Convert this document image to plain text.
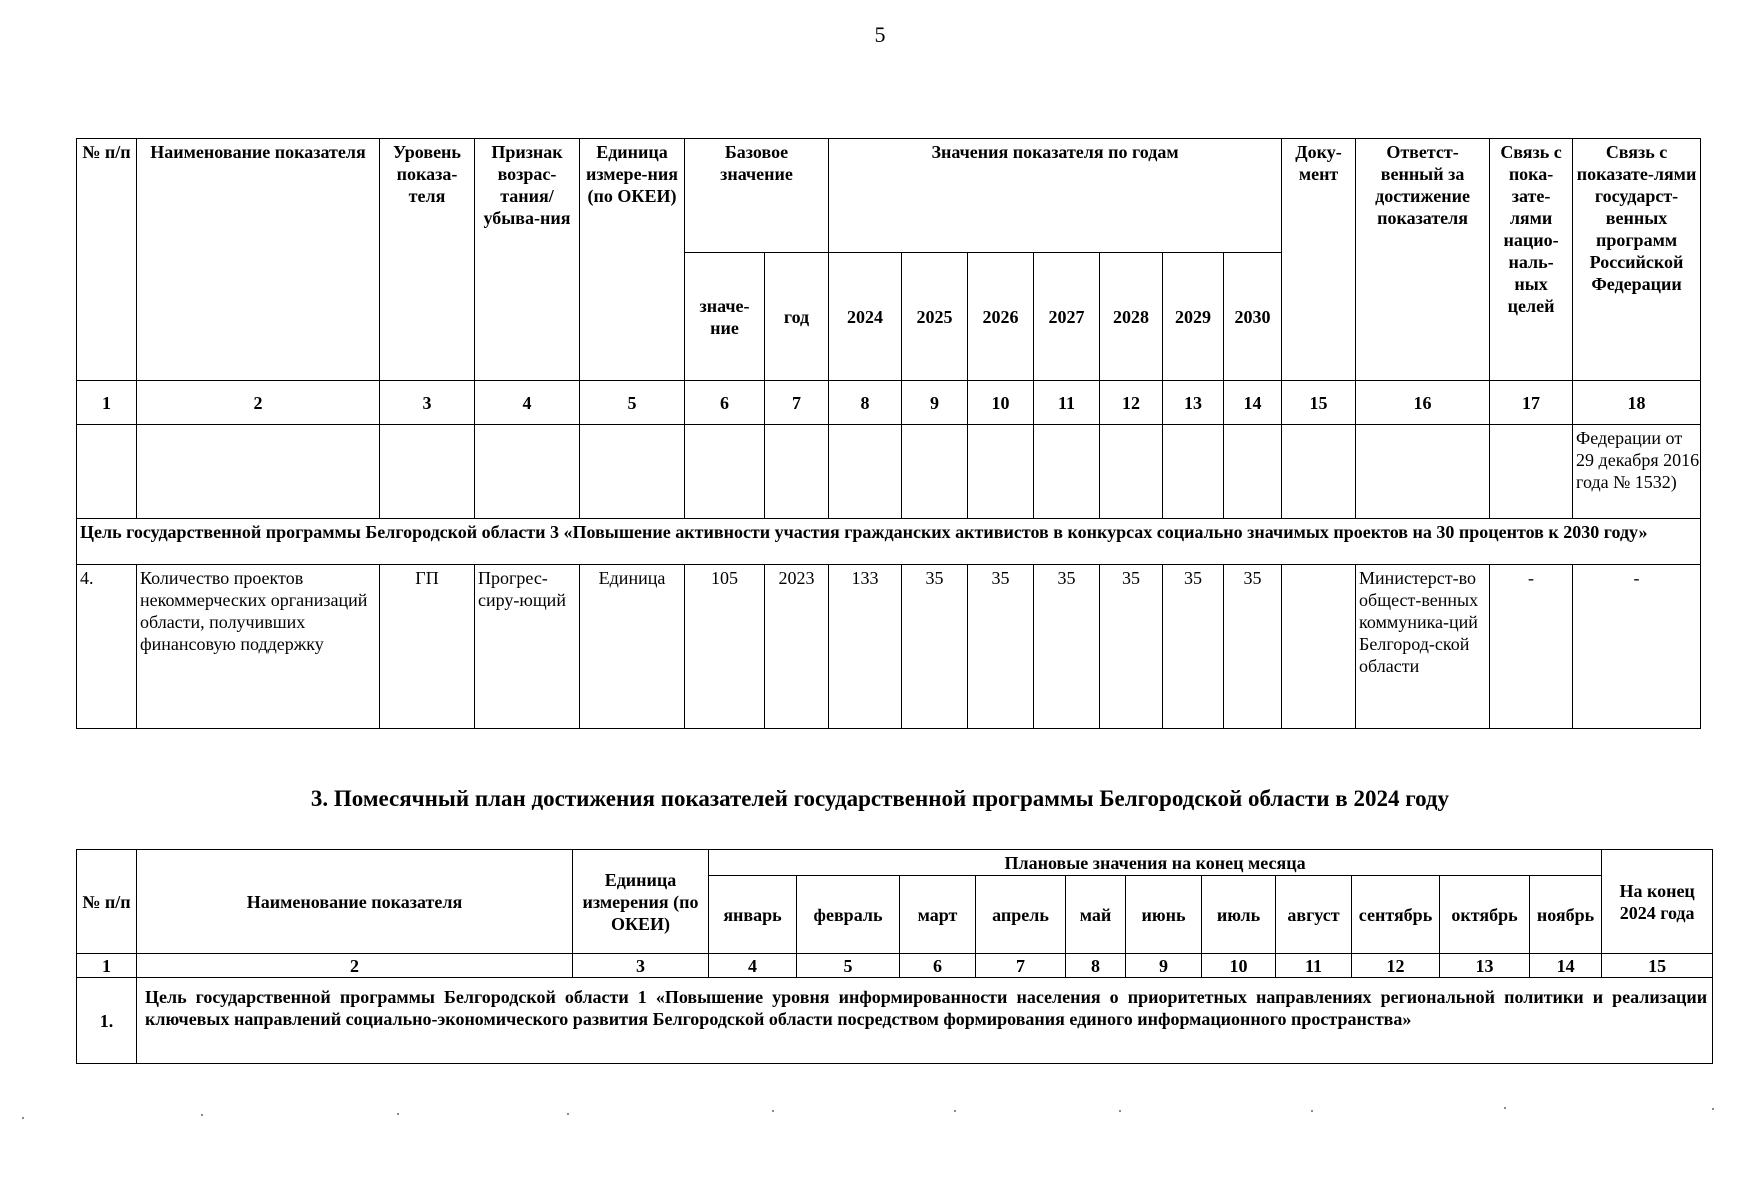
5
№ п/п	Наименование показателя	Уровень показа-теля	Признак возрас-тания/ убыва-ния	Единица измере-ния (по ОКЕИ)	Базовое значение		Значения показателя по годам							Доку-мент	Ответст-венный за достижение показателя	Связь с пока-зате-лями нацио-наль-ных целей	Связь с показате-лями государст-венных программ Российской Федерации
					значе-ние	год	2024	2025	2026	2027	2028	2029	2030				
1	2	3	4	5	6	7	8	9	10	11	12	13	14	15	16	17	18
																	Федерации от 29 декабря 2016 года № 1532)
Цель государственной программы Белгородской области 3 «Повышение активности участия гражданских активистов в конкурсах социально значимых проектов на 30 процентов к 2030 году»																	
4.	Количество проектов некоммерческих организаций области, получивших финансовую поддержку	ГП	Прогрес-сиру-ющий	Единица	105	2023	133	35	35	35	35	35	35		Министерст-во общест-венных коммуника-ций Белгород-ской области	-	-
3. Помесячный план достижения показателей государственной программы Белгородской области в 2024 году
№ п/п	Наименование показателя	Единица измерения (по ОКЕИ)	Плановые значения на конец месяца											На конец 2024 года
			январь	февраль	март	апрель	май	июнь	июль	август	сентябрь	октябрь	ноябрь	
1	2	3	4	5	6	7	8	9	10	11	12	13	14	15
1.	Цель государственной программы Белгородской области 1 «Повышение уровня информированности населения о приоритетных направлениях региональной политики и реализации ключевых направлений социально-экономического развития Белгородской области посредством формирования единого информационного пространства»													
